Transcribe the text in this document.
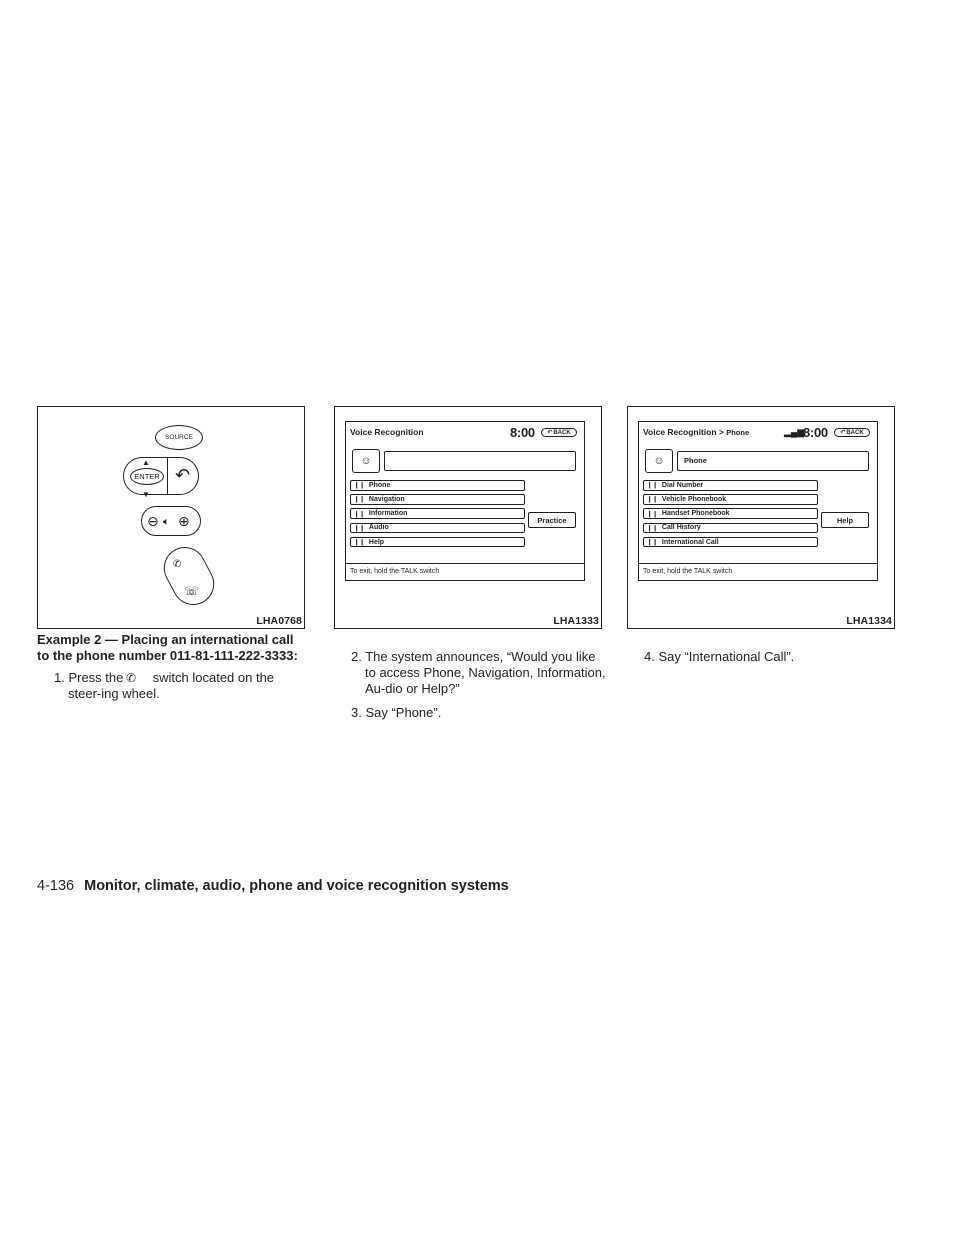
SOURCE
▲
▼
ENTER ↶
⊖ 🔈︎ ⊕
✆
☏
LHA0768
Voice Recognition	8:00 ↶ BACK
☺
❙❙ Phone
❙❙ Navigation
❙❙ Information
❙❙ Audio
❙❙ Help
Practice
To exit, hold the TALK switch
LHA1333
Voice Recognition > Phone	▂▄▆
8:00 ↶ BACK
☺	Phone
❙❙ Dial Number
❙❙ Vehicle Phonebook
❙❙ Handset Phonebook
❙❙ Call History
❙❙ International Call
Help
To exit, hold the TALK switch
LHA1334

Example 2 — Placing an international call to the phone number 011-81-111-222-3333:

1. Press the ✆ switch located on the steer-ing wheel.

2. The system announces, “Would you like to access Phone, Navigation, Information, Au-dio or Help?”

3. Say “Phone”.

4. Say “International Call”.

4-136 Monitor, climate, audio, phone and voice recognition systems
